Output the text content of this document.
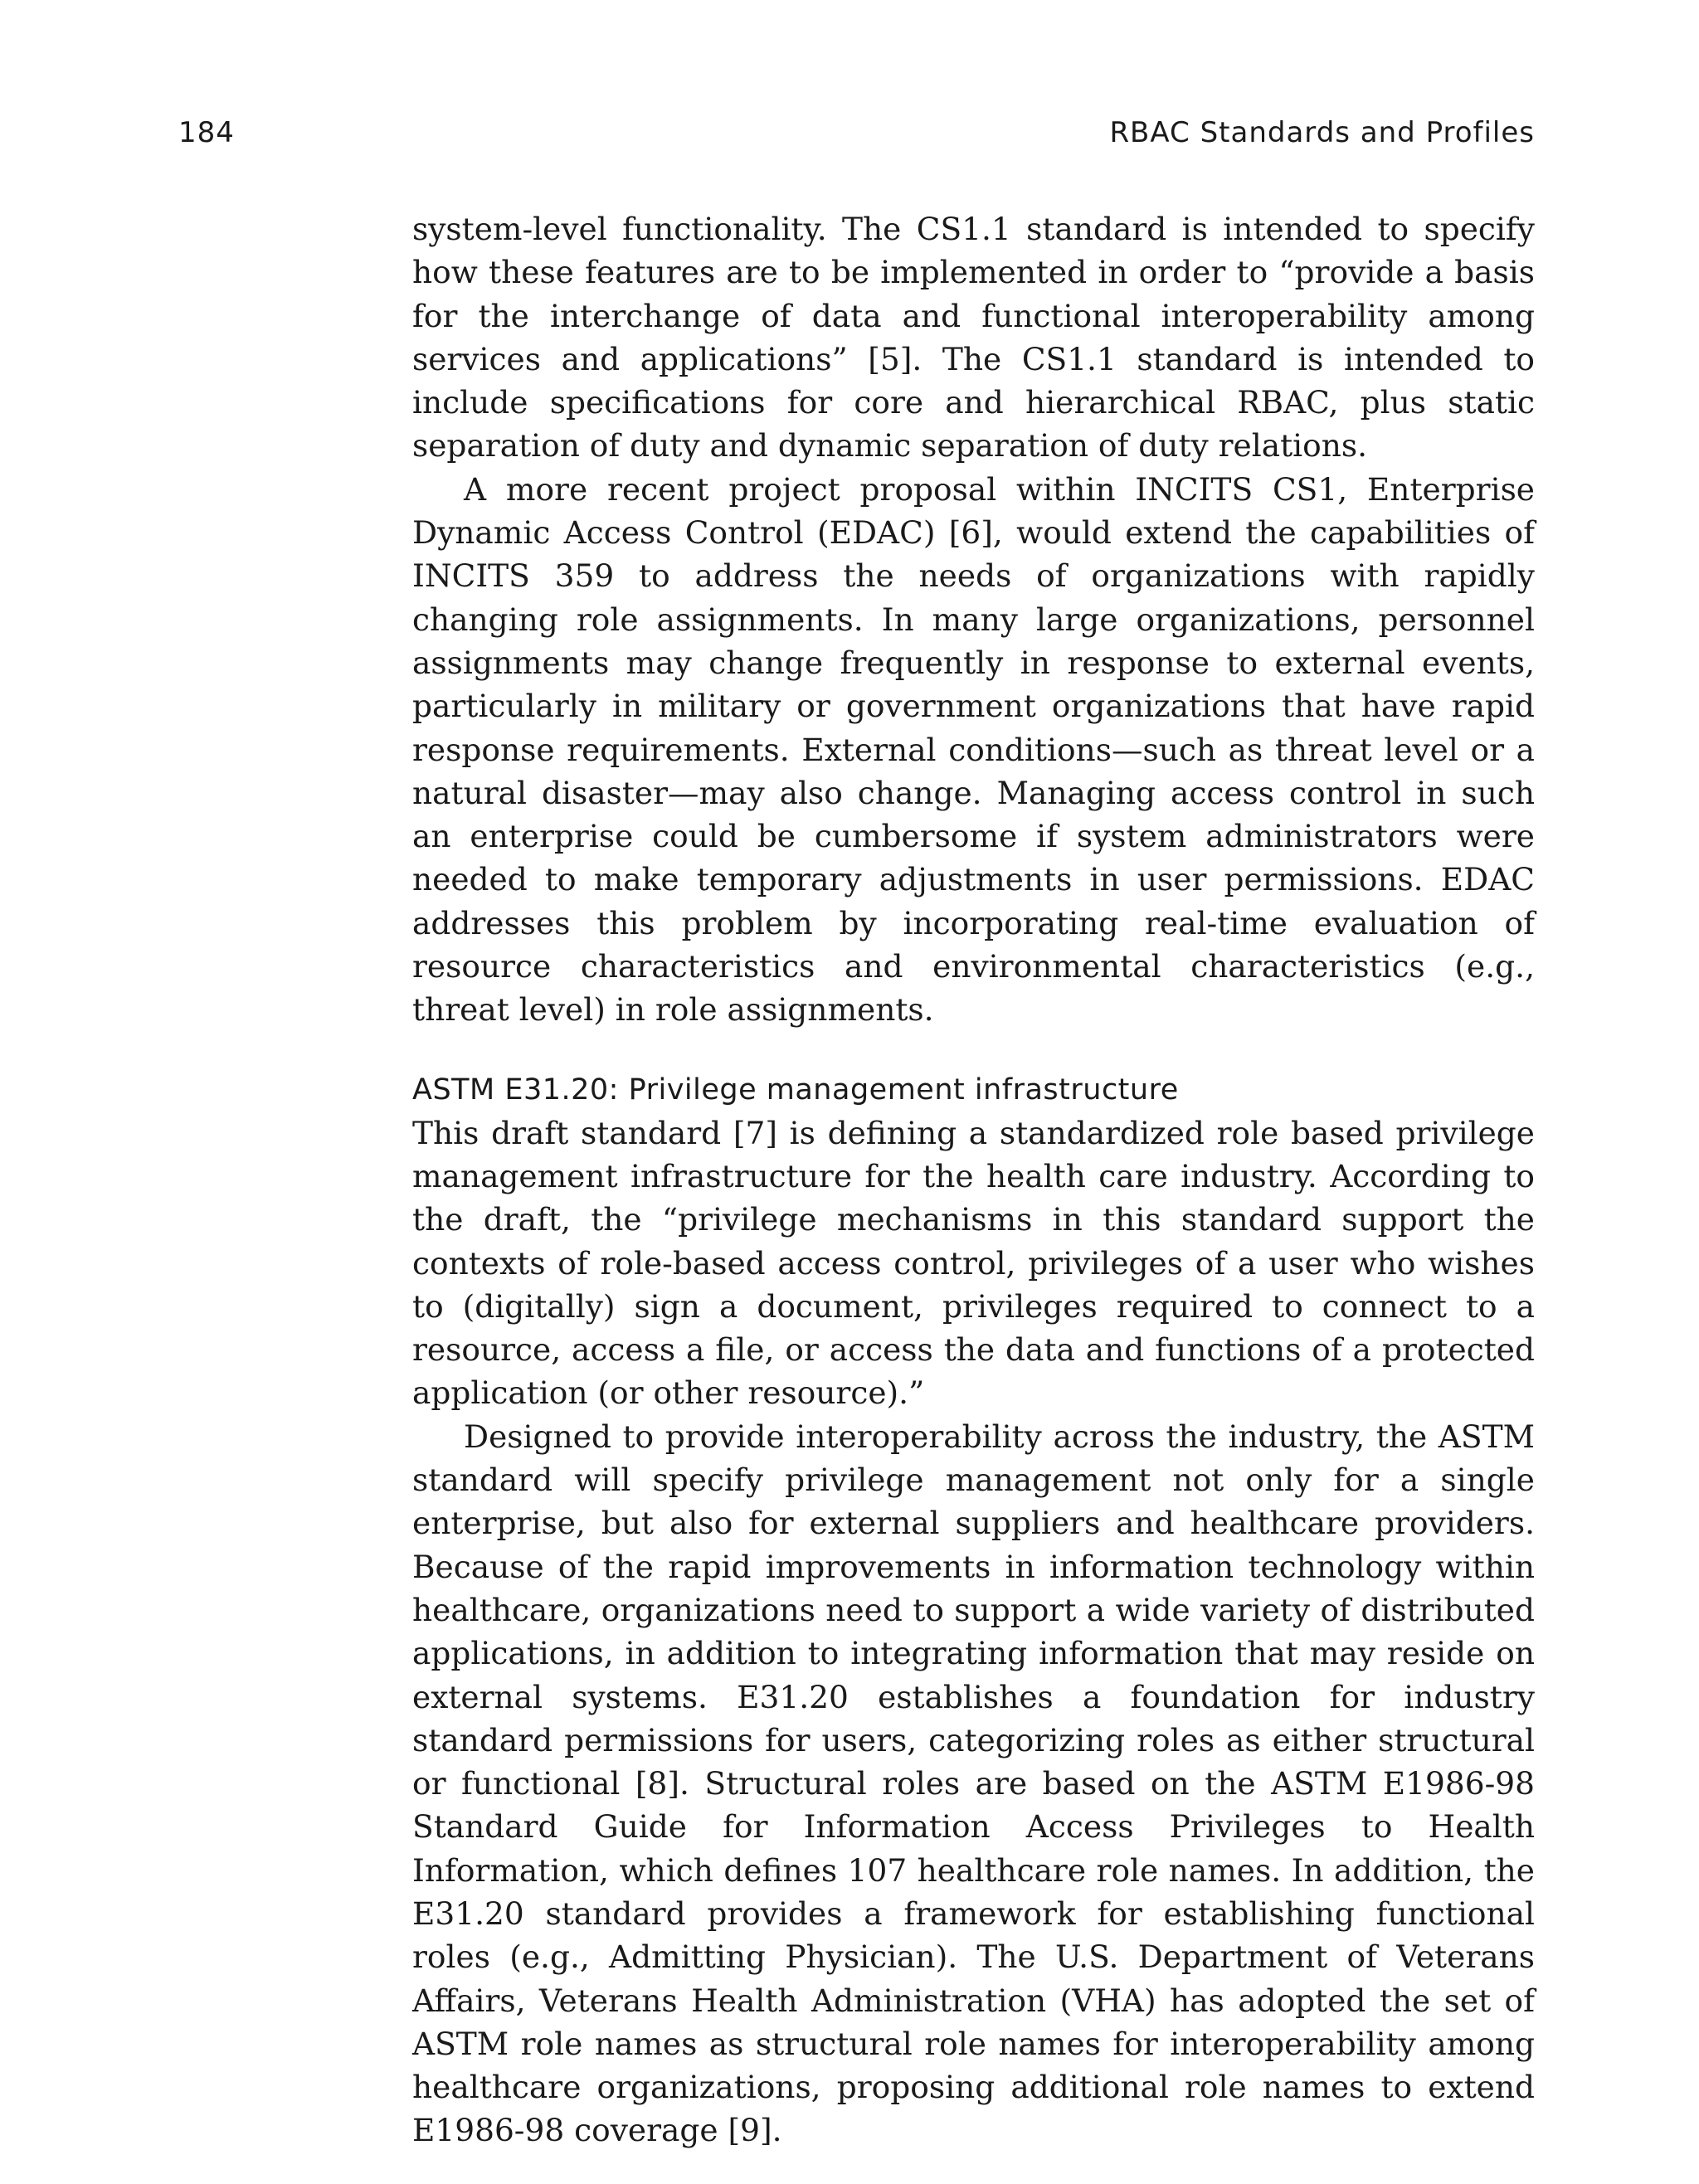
184	RBAC Standards and Profiles

system-level functionality. The CS1.1 standard is intended to specify how these features are to be implemented in order to “provide a basis for the interchange of data and functional interoperability among services and applications” [5]. The CS1.1 standard is intended to include specifications for core and hierarchical RBAC, plus static separation of duty and dynamic separation of duty relations.

A more recent project proposal within INCITS CS1, Enterprise Dynamic Access Control (EDAC) [6], would extend the capabilities of INCITS 359 to address the needs of organizations with rapidly changing role assignments. In many large organizations, personnel assignments may change frequently in response to external events, particularly in military or government organizations that have rapid response requirements. External conditions—such as threat level or a natural disaster—may also change. Managing access control in such an enterprise could be cumbersome if system administrators were needed to make temporary adjustments in user permissions. EDAC addresses this problem by incorporating real-time evaluation of resource characteristics and environmental characteristics (e.g., threat level) in role assignments.

ASTM E31.20: Privilege management infrastructure

This draft standard [7] is defining a standardized role based privilege management infrastructure for the health care industry. According to the draft, the “privilege mechanisms in this standard support the contexts of role-based access control, privileges of a user who wishes to (digitally) sign a document, privileges required to connect to a resource, access a file, or access the data and functions of a protected application (or other resource).”

Designed to provide interoperability across the industry, the ASTM standard will specify privilege management not only for a single enterprise, but also for external suppliers and healthcare providers. Because of the rapid improvements in information technology within healthcare, organizations need to support a wide variety of distributed applications, in addition to integrating information that may reside on external systems. E31.20 establishes a foundation for industry standard permissions for users, categorizing roles as either structural or functional [8]. Structural roles are based on the ASTM E1986-98 Standard Guide for Information Access Privileges to Health Information, which defines 107 healthcare role names. In addition, the E31.20 standard provides a framework for establishing functional roles (e.g., Admitting Physician). The U.S. Department of Veterans Affairs, Veterans Health Administration (VHA) has adopted the set of ASTM role names as structural role names for interoperability among healthcare organizations, proposing additional role names to extend E1986-98 coverage [9].
